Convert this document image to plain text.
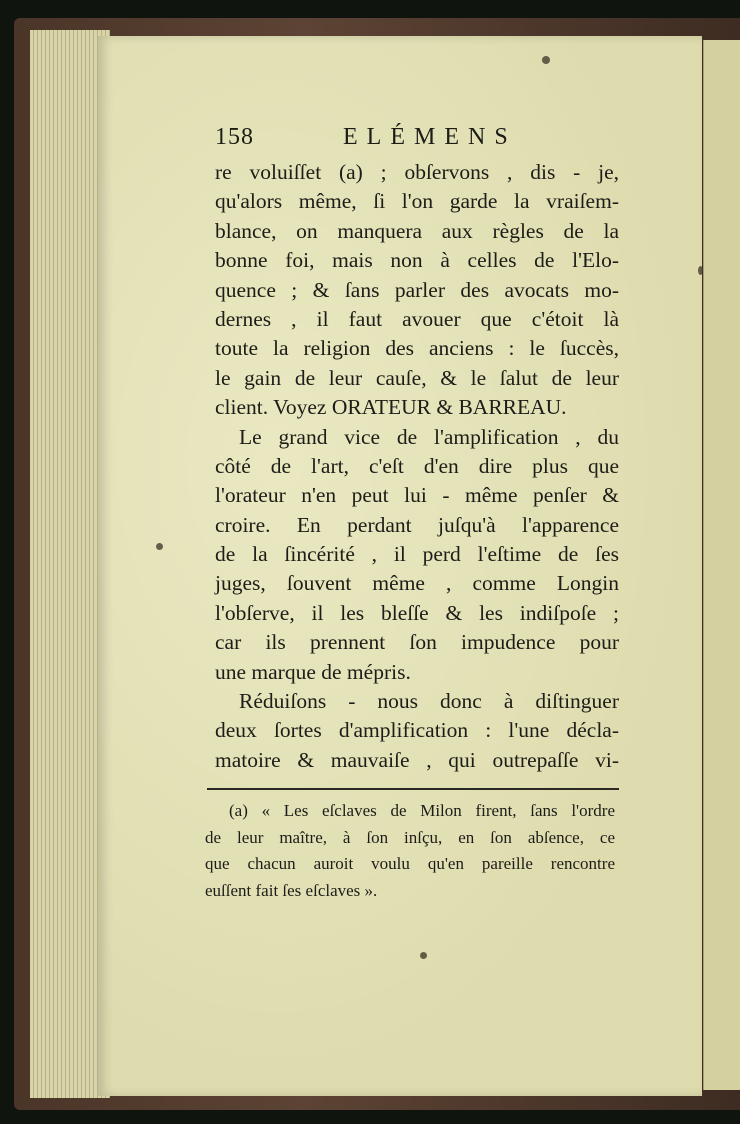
158	ELÉMENS
re voluiſſet (a) ; obſervons , dis - je,
qu'alors même, ſi l'on garde la vraiſem-
blance, on manquera aux règles de la
bonne foi, mais non à celles de l'Elo-
quence ; & ſans parler des avocats mo-
dernes , il faut avouer que c'étoit là
toute la religion des anciens : le ſuccès,
le gain de leur cauſe, & le ſalut de leur
client. Voyez ORATEUR & BARREAU.
Le grand vice de l'amplification , du
côté de l'art, c'eſt d'en dire plus que
l'orateur n'en peut lui - même penſer &
croire. En perdant juſqu'à l'apparence
de la ſincérité , il perd l'eſtime de ſes
juges, ſouvent même , comme Longin
l'obſerve, il les bleſſe & les indiſpoſe ;
car ils prennent ſon impudence pour
une marque de mépris.
Réduiſons - nous donc à diſtinguer
deux ſortes d'amplification : l'une décla-
matoire & mauvaiſe , qui outrepaſſe vi-
(a) « Les eſclaves de Milon firent, ſans l'ordre
de leur maître, à ſon inſçu, en ſon abſence, ce
que chacun auroit voulu qu'en pareille rencontre
euſſent fait ſes eſclaves ».
